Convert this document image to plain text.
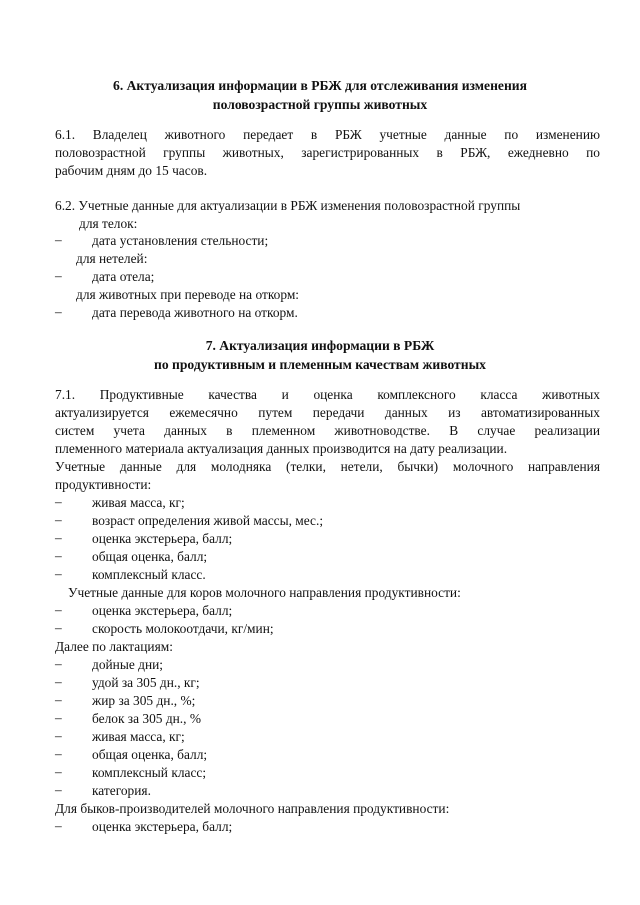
6. Актуализация информации в РБЖ для отслеживания изменения
половозрастной группы животных
6.1. Владелец животного передает в РБЖ учетные данные по изменению
половозрастной группы животных, зарегистрированных в РБЖ, ежедневно по
рабочим дням до 15 часов.
6.2. Учетные данные для актуализации в РБЖ изменения половозрастной группы
для телок:
–	дата установления стельности;
для нетелей:
–	дата отела;
для животных при переводе на откорм:
–	дата перевода животного на откорм.
7. Актуализация информации в РБЖ
по продуктивным и племенным качествам животных
7.1. Продуктивные качества и оценка комплексного класса животных
актуализируется ежемесячно путем передачи данных из автоматизированных
систем учета данных в племенном животноводстве. В случае реализации
племенного материала актуализация данных производится на дату реализации.
Учетные данные для молодняка (телки, нетели, бычки) молочного направления
продуктивности:
–	живая масса, кг;
–	возраст определения живой массы, мес.;
–	оценка экстерьера, балл;
–	общая оценка, балл;
–	комплексный класс.
Учетные данные для коров молочного направления продуктивности:
–	оценка экстерьера, балл;
–	скорость молокоотдачи, кг/мин;
Далее по лактациям:
–	дойные дни;
–	удой за 305 дн., кг;
–	жир за 305 дн., %;
–	белок за 305 дн., %
–	живая масса, кг;
–	общая оценка, балл;
–	комплексный класс;
–	категория.
Для быков-производителей молочного направления продуктивности:
–	оценка экстерьера, балл;
